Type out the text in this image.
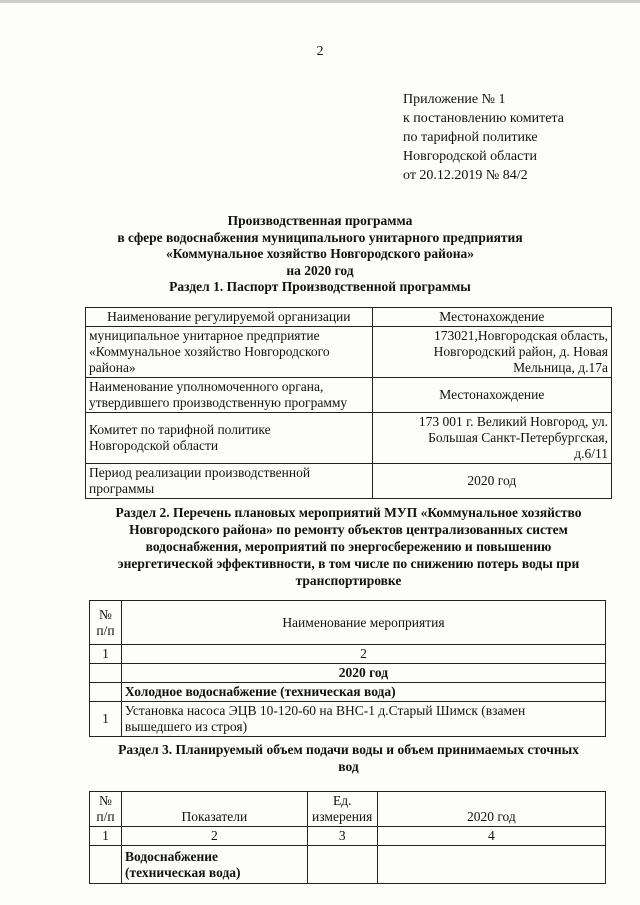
2
Приложение № 1
к постановлению комитета
по тарифной политике
Новгородской области
от 20.12.2019 № 84/2
Производственная программа
в сфере водоснабжения муниципального унитарного предприятия
«Коммунальное хозяйство Новгородского района»
на 2020 год
Раздел 1. Паспорт Производственной программы
Наименование регулируемой организации	Местонахождение

муниципальное унитарное предприятие
«Коммунальное хозяйство Новгородского
района»	173021,Новгородская область,
Новгородский район, д. Новая
Мельница, д.17а

Наименование уполномоченного органа,
утвердившего производственную программу	Местонахождение

Комитет по тарифной политике
Новгородской области	173 001 г. Великий Новгород, ул.
Большая Санкт-Петербургская,
д.6/11

Период реализации производственной
программы	2020 год
Раздел 2. Перечень плановых мероприятий МУП «Коммунальное хозяйство
Новгородского района» по ремонту объектов централизованных систем
водоснабжения, мероприятий по энергосбережению и повышению
энергетической эффективности, в том числе по снижению потерь воды при
транспортировке
№
п/п	Наименование мероприятия
1	2
	2020 год
	Холодное водоснабжение (техническая вода)
1	Установка насоса ЭЦВ 10-120-60 на ВНС-1 д.Старый Шимск (взамен
вышедшего из строя)
Раздел 3. Планируемый объем подачи воды и объем принимаемых сточных
вод
№
п/п	Показатели	Ед.
измерения	2020 год
1	2	3	4

	Водоснабжение
(техническая вода)		
